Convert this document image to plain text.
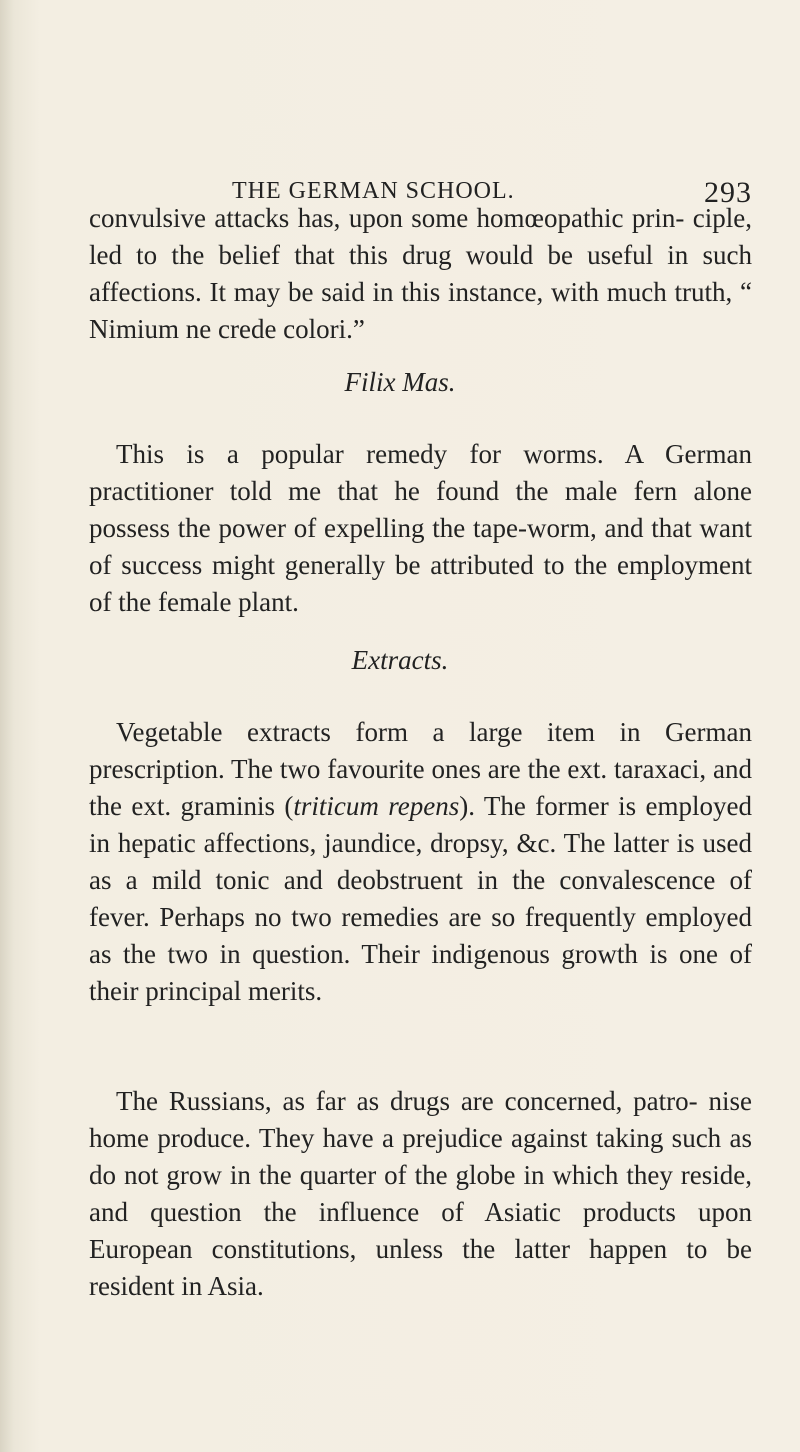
THE GERMAN SCHOOL.	293

convulsive attacks has, upon some homœopathic prin- ciple, led to the belief that this drug would be useful in such affections. It may be said in this instance, with much truth, “ Nimium ne crede colori.”

Filix Mas.

This is a popular remedy for worms. A German practitioner told me that he found the male fern alone possess the power of expelling the tape-worm, and that want of success might generally be attributed to the employment of the female plant.

Extracts.

Vegetable extracts form a large item in German prescription. The two favourite ones are the ext. taraxaci, and the ext. graminis (triticum repens). The former is employed in hepatic affections, jaundice, dropsy, &c. The latter is used as a mild tonic and deobstruent in the convalescence of fever. Perhaps no two remedies are so frequently employed as the two in question. Their indigenous growth is one of their principal merits.

The Russians, as far as drugs are concerned, patro- nise home produce. They have a prejudice against taking such as do not grow in the quarter of the globe in which they reside, and question the influence of Asiatic products upon European constitutions, unless the latter happen to be resident in Asia.
